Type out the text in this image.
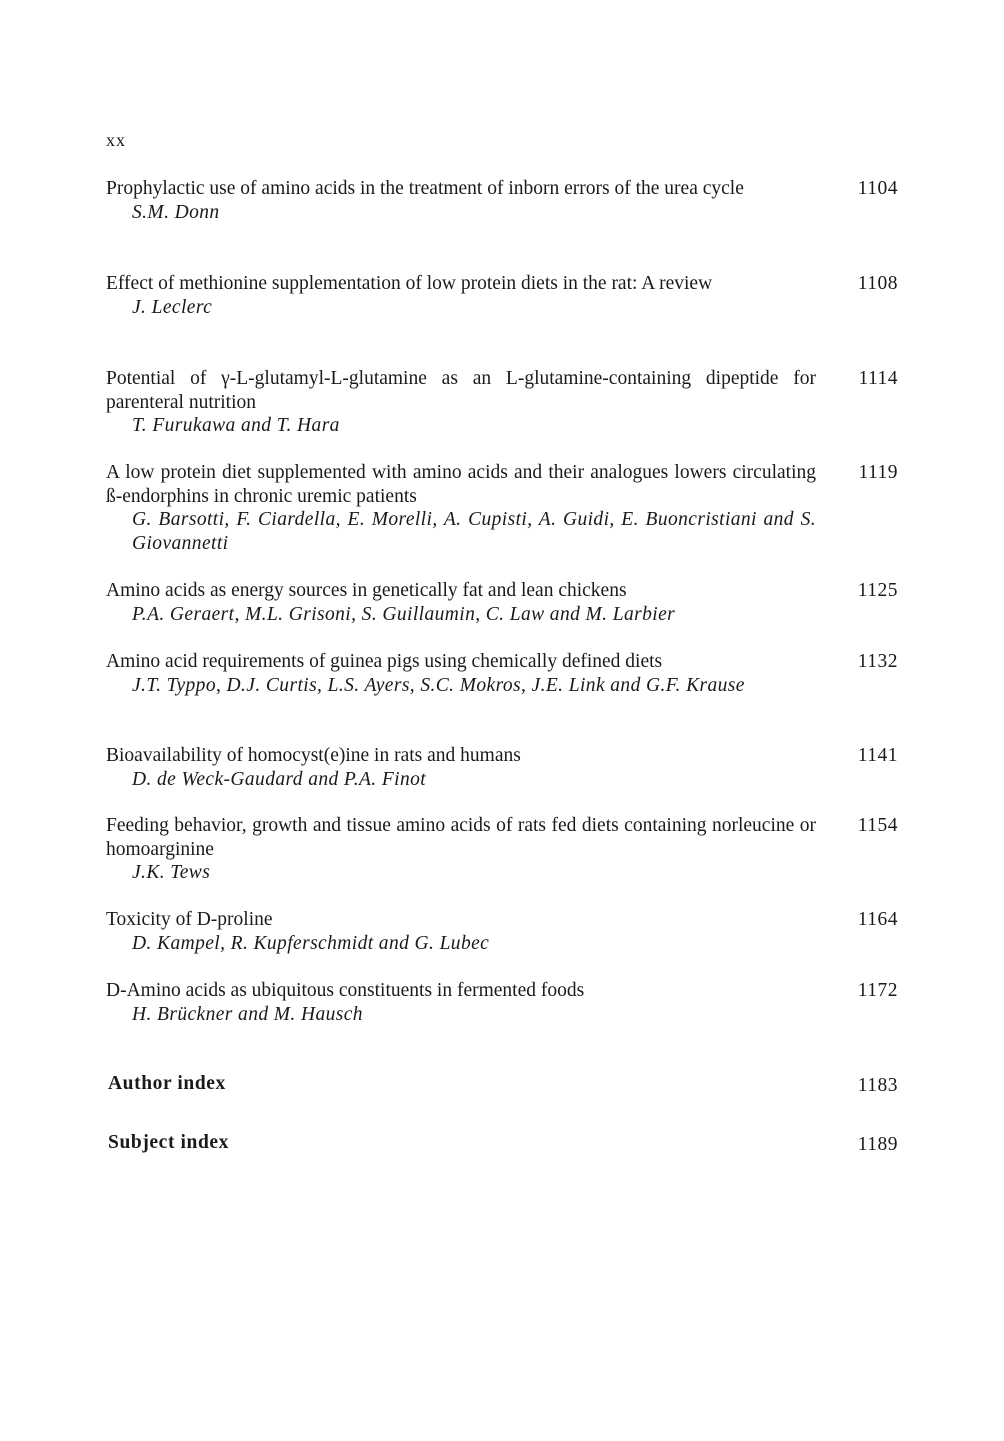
xx
Prophylactic use of amino acids in the treatment of inborn errors of the urea cycle
S.M. Donn
1104
Effect of methionine supplementation of low protein diets in the rat: A review
J. Leclerc
1108
Potential of γ-L-glutamyl-L-glutamine as an L-glutamine-containing dipeptide for parenteral nutrition
T. Furukawa and T. Hara
1114
A low protein diet supplemented with amino acids and their analogues lowers circulating ß-endorphins in chronic uremic patients
G. Barsotti, F. Ciardella, E. Morelli, A. Cupisti, A. Guidi, E. Buoncristiani and S. Giovannetti
1119
Amino acids as energy sources in genetically fat and lean chickens
P.A. Geraert, M.L. Grisoni, S. Guillaumin, C. Law and M. Larbier
1125
Amino acid requirements of guinea pigs using chemically defined diets
J.T. Typpo, D.J. Curtis, L.S. Ayers, S.C. Mokros, J.E. Link and G.F. Krause
1132
Bioavailability of homocyst(e)ine in rats and humans
D. de Weck-Gaudard and P.A. Finot
1141
Feeding behavior, growth and tissue amino acids of rats fed diets containing norleucine or homoarginine
J.K. Tews
1154
Toxicity of D-proline
D. Kampel, R. Kupferschmidt and G. Lubec
1164
D-Amino acids as ubiquitous constituents in fermented foods
H. Brückner and M. Hausch
1172
Author index	1183
Subject index	1189
